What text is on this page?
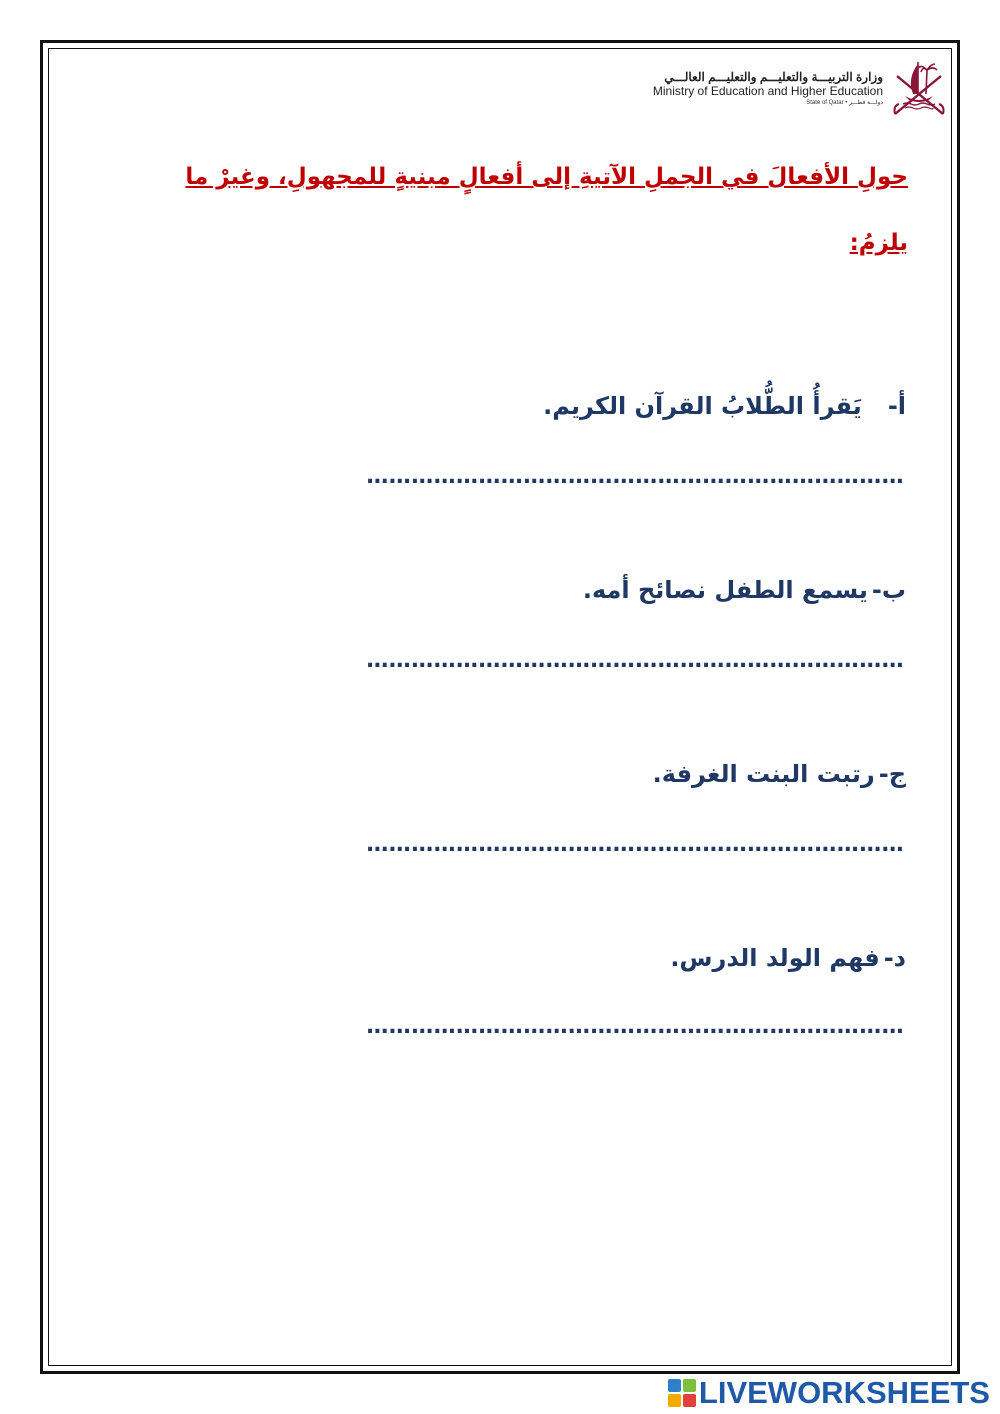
وزارة التربيـــة والتعليـــم والتعليـــم العالـــي
Ministry of Education and Higher Education
State of Qatar • دولـــة قطـــر
حولِ الأفعالَ في الجملِ الآتيةِ إلى أفعالٍ مبنيةٍ للمجهولِ، وغيرْ ما يلزمُ:
أ-يَقرأُ الطُّلابُ القرآن الكريم.
………………………………………………………………
ب-يسمع الطفل نصائح أمه.
………………………………………………………………
ج-رتبت البنت الغرفة.
………………………………………………………………
د-فهم الولد الدرس.
………………………………………………………………
LIVEWORKSHEETS
